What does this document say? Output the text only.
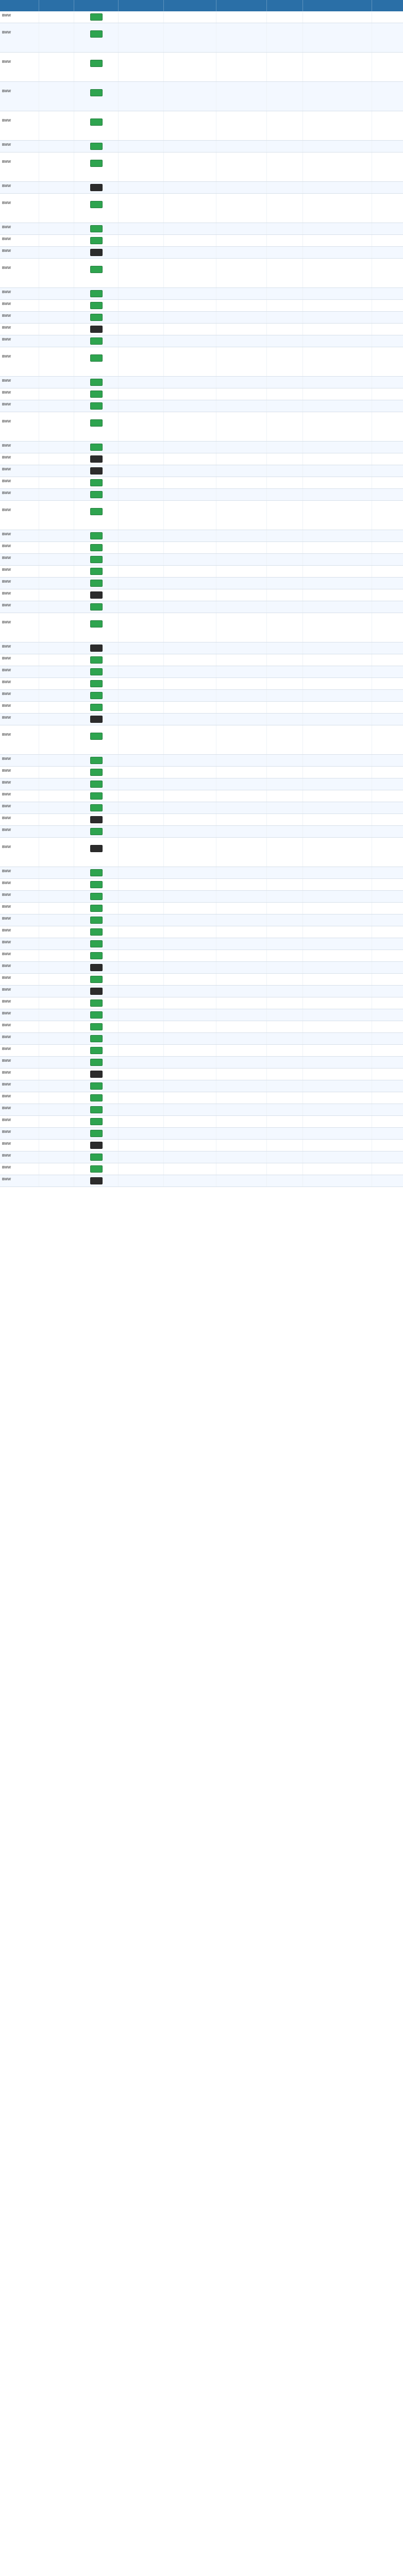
BMW
BMW
BMW
BMW
BMW
BMW
BMW
BMW
BMW
BMW
BMW
BMW
BMW
BMW
BMW
BMW
BMW
BMW
BMW
BMW
BMW
BMW
BMW
BMW
BMW
BMW
BMW
BMW
BMW
BMW
BMW
BMW
BMW
BMW
BMW
BMW
BMW
BMW
BMW
BMW
BMW
BMW
BMW
BMW
BMW
BMW
BMW
BMW
BMW
BMW
BMW
BMW
BMW
BMW
BMW
BMW
BMW
BMW
BMW
BMW
BMW
BMW
BMW
BMW
BMW
BMW
BMW
BMW
BMW
BMW
BMW
BMW
BMW
BMW
BMW
BMW
BMW
BMW
BMW
BMW
